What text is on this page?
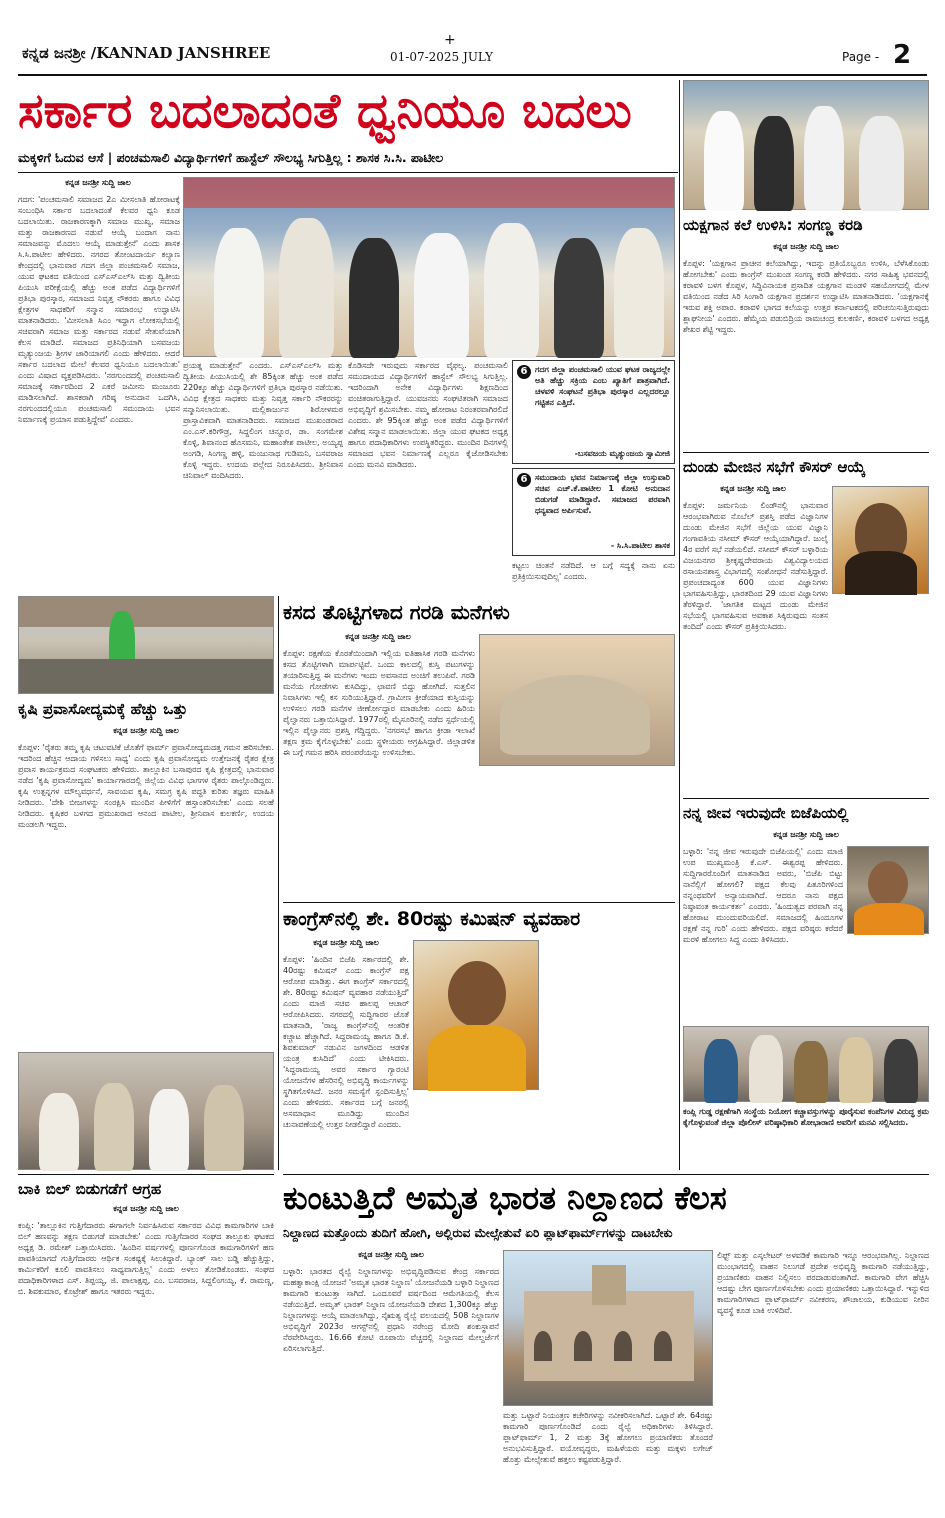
ಕನ್ನಡ ಜನಶ್ರೀ /KANNAD JANSHREE
+
01-07-2025 JULY	Page - 2
ಸರ್ಕಾರ ಬದಲಾದಂತೆ ಧ್ವನಿಯೂ ಬದಲು
ಮಕ್ಕಳಿಗೆ ಓದುವ ಆಸೆ | ಪಂಚಮಸಾಲಿ ವಿದ್ಯಾರ್ಥಿಗಳಿಗೆ ಹಾಸ್ಟೆಲ್ ಸೌಲಭ್ಯ ಸಿಗುತ್ತಿಲ್ಲ : ಶಾಸಕ ಸಿ.ಸಿ. ಪಾಟೀಲ
ಕನ್ನಡ ಜನಶ್ರೀ ಸುದ್ದಿ ಜಾಲ
ಗದಗ: 'ಪಂಚಮಸಾಲಿ ಸಮಾಜದ 2ಎ ಮೀಸಲಾತಿ ಹೋರಾಟಕ್ಕೆ ಸಂಬಂಧಿಸಿ ಸರ್ಕಾರ ಬದಲಾದಂತೆ ಕೆಲವರ ಧ್ವನಿ ಕೂಡ ಬದಲಾಯಿತು. ರಾಜಕಾರಣಕ್ಕಾಗಿ ಸಮಾಜ ಮುಖ್ಯ, ಸಮಾಜ ಮತ್ತು ರಾಜಕಾರಣದ ನಡುವೆ ಆಯ್ಕೆ ಬಂದಾಗ ನಾನು ಸಮಾಜವನ್ನು ಮೊದಲು ಆಯ್ಕೆ ಮಾಡುತ್ತೇನೆ' ಎಂದು ಶಾಸಕ ಸಿ.ಸಿ.ಪಾಟೀಲ ಹೇಳಿದರು. ನಗರದ ತೋಂಟದಾರ್ಯ ಕಲ್ಯಾಣ ಕೇಂದ್ರದಲ್ಲಿ ಭಾನುವಾರ ಗದಗ ಜಿಲ್ಲಾ ಪಂಚಮಸಾಲಿ ಸಮಾಜ, ಯುವ ಘಟಕದ ವತಿಯಿಂದ ಎಸ್ಎಸ್ಎಲ್‌ಸಿ ಮತ್ತು ದ್ವಿತೀಯ ಪಿಯುಸಿ ಪರೀಕ್ಷೆಯಲ್ಲಿ ಹೆಚ್ಚು ಅಂಕ ಪಡೆದ ವಿದ್ಯಾರ್ಥಿಗಳಿಗೆ ಪ್ರತಿಭಾ ಪುರಸ್ಕಾರ, ಸಮಾಜದ ನಿವೃತ್ತ ನೌಕರರು ಹಾಗೂ ವಿವಿಧ ಕ್ಷೇತ್ರಗಳ ಸಾಧಕರಿಗೆ ಸನ್ಮಾನ ಸಮಾರಂಭ ಉದ್ಘಾಟಿಸಿ ಮಾತನಾಡಿದರು. 'ಮೀಸಲಾತಿ ಸಿಎಂ ಇದ್ದಾಗ ಲೋಕಸಭೆಯಲ್ಲಿ ಸಚಿವರಾಗಿ ಸಮಾಜ ಮತ್ತು ಸರ್ಕಾರದ ನಡುವೆ ಸೇತುವೆಯಾಗಿ ಕೆಲಸ ಮಾಡಿದೆ. ಸಮಾಜದ ಪ್ರತಿನಿಧಿಯಾಗಿ ಬಸವಜಯ ಮೃತ್ಯುಂಜಯ ಶ್ರೀಗಳ ಜಾರಿಯಾಗಲಿ ಎಂದು ಹೇಳಿದರು. ಆದರೆ ಸರ್ಕಾರ ಬದಲಾದ ಮೇಲೆ ಕೆಲವರ ಧ್ವನಿಯೂ ಬದಲಾಯಿತು' ಎಂದು ವಿಷಾದ ವ್ಯಕ್ತಪಡಿಸಿದರು. 'ನರಗುಂದದಲ್ಲಿ ಪಂಚಮಸಾಲಿ ಸಮಾಜಕ್ಕೆ ಸರ್ಕಾರದಿಂದ 2 ಎಕರೆ ಜಮೀನು ಮಂಜೂರು ಮಾಡಿಸಲಾಗಿದೆ. ಶಾಸಕರಾಗಿ ಗರಿಷ್ಠ ಅನುದಾನ ಒದಗಿಸಿ, ನರಗುಂದದಲ್ಲಿಯೂ ಪಂಚಮಸಾಲಿ ಸಮುದಾಯ ಭವನ ನಿರ್ಮಾಣಕ್ಕೆ ಪ್ರಯಾಸ ಪಡುತ್ತಿದ್ದೇವೆ' ಎಂದರು.
ಪ್ರಯತ್ನ ಮಾಡುತ್ತೇನೆ' ಎಂದರು. ಎಸ್ಎಸ್ಎಲ್‌ಸಿ ಮತ್ತು ದ್ವಿತೀಯ ಪಿಯುಸಿಯಲ್ಲಿ ಶೇ 85ಕ್ಕಿಂತ ಹೆಚ್ಚು ಅಂಕ ಪಡೆದ 220ಕ್ಕೂ ಹೆಚ್ಚು ವಿದ್ಯಾರ್ಥಿಗಳಿಗೆ ಪ್ರತಿಭಾ ಪುರಸ್ಕಾರ ನಡೆಯಿತು. ವಿವಿಧ ಕ್ಷೇತ್ರದ ಸಾಧಕರು ಮತ್ತು ನಿವೃತ್ತ ಸರ್ಕಾರಿ ನೌಕರರನ್ನು ಸನ್ಮಾನಿಸಲಾಯಿತು. ಮಲ್ಲಿಕಾರ್ಜುನ ಶಿರೋಳಮಠ ಪ್ರಾಸ್ತಾವಿಕವಾಗಿ ಮಾತನಾಡಿದರು. ಸಮಾಜದ ಮುಖಂಡರಾದ ಎಂ.ಎಸ್.ಕರಿಗೌಡ್ರ, ಸಿದ್ದಲಿಂಗ ಚಿನ್ನೂರ, ಡಾ. ಸಂಗಮೇಶ ಕೊಳ್ಳಿ, ಶಿವಾನಂದ ಹೊಸಮನಿ, ಮಹಾಂತೇಶ ಪಾಟೀಲ, ಅಯ್ಯಪ್ಪ ಅಂಗಡಿ, ಸಿಂಗಣ್ಣ ಹಳ್ಳಿ, ಮಂಜುನಾಥ ಗುಡಿಮನಿ, ಬಸವರಾಜ ಕೊಳ್ಳಿ ಇದ್ದರು. ಉದಯ ಪಲ್ಲೇದ ನಿರೂಪಿಸಿದರು. ಶ್ರೀನಿವಾಸ ಚಿನಿವಾಲ್ ವಂದಿಸಿದರು.
ಕೊಡಿಸದೇ ಇರುವುದು ಸರ್ಕಾರದ ವೈಫಲ್ಯ. ಪಂಚಮಸಾಲಿ ಸಮುದಾಯದ ವಿದ್ಯಾರ್ಥಿಗಳಿಗೆ ಹಾಸ್ಟೆಲ್ ಸೌಲಭ್ಯ ಸಿಗುತ್ತಿಲ್ಲ. ಇದರಿಂದಾಗಿ ಅನೇಕ ವಿದ್ಯಾರ್ಥಿಗಳು ಶಿಕ್ಷಣದಿಂದ ವಂಚಿತರಾಗುತ್ತಿದ್ದಾರೆ. ಯುವಜನರು ಸಂಘಟಿತರಾಗಿ ಸಮಾಜದ ಅಭಿವೃದ್ಧಿಗೆ ಶ್ರಮಿಸಬೇಕು. ನಮ್ಮ ಹೋರಾಟ ನಿರಂತರವಾಗಿರಲಿದೆ ಎಂದರು. ಶೇ 95ಕ್ಕಿಂತ ಹೆಚ್ಚು ಅಂಕ ಪಡೆದ ವಿದ್ಯಾರ್ಥಿಗಳಿಗೆ ವಿಶೇಷ ಸನ್ಮಾನ ಮಾಡಲಾಯಿತು. ಜಿಲ್ಲಾ ಯುವ ಘಟಕದ ಅಧ್ಯಕ್ಷ ಹಾಗೂ ಪದಾಧಿಕಾರಿಗಳು ಉಪಸ್ಥಿತರಿದ್ದರು. ಮುಂದಿನ ದಿನಗಳಲ್ಲಿ ಸಮಾಜದ ಭವನ ನಿರ್ಮಾಣಕ್ಕೆ ಎಲ್ಲರೂ ಕೈಜೋಡಿಸಬೇಕು ಎಂದು ಮನವಿ ಮಾಡಿದರು.
6 ಗದಗ ಜಿಲ್ಲಾ ಪಂಚಮಸಾಲಿ ಯುವ ಘಟಕ ರಾಜ್ಯದಲ್ಲೇ ಅತಿ ಹೆಚ್ಚು ಸಕ್ರಿಯ ಎಂಬ ಖ್ಯಾತಿಗೆ ಪಾತ್ರವಾಗಿದೆ. ಚಳವಳಿ ಸಂಘಟನೆ ಪ್ರತಿಭಾ ಪುರಸ್ಕಾರ ಎಲ್ಲದರಲ್ಲೂ ಗಟ್ಟಿತನ ಎತ್ತಿದೆ.
-ಬಸವಜಯ ಮೃತ್ಯುಂಜಯ ಸ್ವಾಮೀಜಿ
6 ಸಮುದಾಯ ಭವನ ನಿರ್ಮಾಣಕ್ಕೆ ಜಿಲ್ಲಾ ಉಸ್ತುವಾರಿ ಸಚಿವ ಎಚ್.ಕೆ.ಪಾಟೀಲ 1 ಕೋಟಿ ಅನುದಾನ ಬಿಡುಗಡೆ ಮಾಡಿದ್ದಾರೆ. ಸಮಾಜದ ಪರವಾಗಿ ಧನ್ಯವಾದ ಅರ್ಪಿಸುವೆ.
- ಸಿ.ಸಿ.ಪಾಟೀಲ ಶಾಸಕ
ಕಟ್ಟಲು ಚಿಂತನೆ ನಡೆದಿದೆ. ಆ ಬಗ್ಗೆ ಸದ್ಯಕ್ಕೆ ನಾನು ಏನು ಪ್ರತಿಕ್ರಿಯಿಸುವುದಿಲ್ಲ' ಎಂದರು.
ಯಕ್ಷಗಾನ ಕಲೆ ಉಳಿಸಿ: ಸಂಗಣ್ಣ ಕರಡಿ
ಕನ್ನಡ ಜನಶ್ರೀ ಸುದ್ದಿ ಜಾಲ
ಕೊಪ್ಪಳ: 'ಯಕ್ಷಗಾನ ಪ್ರಾಚೀನ ಕಲೆಯಾಗಿದ್ದು, ಇದನ್ನು ಪ್ರತಿಯೊಬ್ಬರೂ ಉಳಿಸಿ, ಬೆಳೆಸಿಕೊಂಡು ಹೋಗಬೇಕು' ಎಂದು ಕಾಂಗ್ರೆಸ್ ಮುಖಂಡ ಸಂಗಣ್ಣ ಕರಡಿ ಹೇಳಿದರು. ನಗರ ಸಾಹಿತ್ಯ ಭವನದಲ್ಲಿ ಕರಾವಳಿ ಬಳಗ ಕೊಪ್ಪಳ, ಸಿದ್ದಿವಿನಾಯಕ ಪ್ರಸಾದಿತ ಯಕ್ಷಗಾನ ಮಂಡಳಿ ಸಹಯೋಗದಲ್ಲಿ ಮೇಳ ವತಿಯಿಂದ ನಡೆದ ಸಿರಿ ಸಿಂಗಾರಿ ಯಕ್ಷಗಾನ ಪ್ರದರ್ಶನ ಉದ್ಘಾಟಿಸಿ ಮಾತನಾಡಿದರು. 'ಯಕ್ಷಗಾನಕ್ಕೆ ಇರುವ ಶಕ್ತಿ ಅಪಾರ. ಕರಾವಳಿ ಭಾಗದ ಕಲೆಯನ್ನು ಉತ್ತರ ಕರ್ನಾಟಕದಲ್ಲಿ ಪರಿಚಯಿಸುತ್ತಿರುವುದು ಶ್ಲಾಘನೀಯ' ಎಂದರು. ಹೆಮ್ಮೆಯ ಪಡುಬಿದ್ರಿಯ ರಾಮಚಂದ್ರ ಕುಲಕರ್ಣಿ, ಕರಾವಳಿ ಬಳಗದ ಅಧ್ಯಕ್ಷ ಶೇಖರ ಶೆಟ್ಟಿ ಇದ್ದರು.
ದುಂಡು ಮೇಜಿನ ಸಭೆಗೆ ಕೌಸರ್ ಆಯ್ಕೆ
ಕನ್ನಡ ಜನಶ್ರೀ ಸುದ್ದಿ ಜಾಲ
ಕೊಪ್ಪಳ: ಜರ್ಮನಿಯ ಲಿಂಡೌನಲ್ಲಿ ಭಾನುವಾರ ಆರಂಭವಾಗಿರುವ ನೊಬೆಲ್ ಪ್ರಶಸ್ತಿ ಪಡೆದ ವಿಜ್ಞಾನಿಗಳ ದುಂಡು ಮೇಜಿನ ಸಭೆಗೆ ಜಿಲ್ಲೆಯ ಯುವ ವಿಜ್ಞಾನಿ ಗಂಗಾವತಿಯ ನಸೀಮ್ ಕೌಸರ್ ಆಯ್ಕೆಯಾಗಿದ್ದಾರೆ. ಜುಲೈ 4ರ ವರೆಗೆ ಸಭೆ ನಡೆಯಲಿದೆ. ನಸೀಮ್ ಕೌಸರ್ ಬಳ್ಳಾರಿಯ ವಿಜಯನಗರ ಶ್ರೀಕೃಷ್ಣದೇವರಾಯ ವಿಶ್ವವಿದ್ಯಾಲಯದ ರಸಾಯನಶಾಸ್ತ್ರ ವಿಭಾಗದಲ್ಲಿ ಸಂಶೋಧನೆ ನಡೆಸುತ್ತಿದ್ದಾರೆ. ಪ್ರಪಂಚದಾದ್ಯಂತ 600 ಯುವ ವಿಜ್ಞಾನಿಗಳು ಭಾಗವಹಿಸುತ್ತಿದ್ದು, ಭಾರತದಿಂದ 29 ಯುವ ವಿಜ್ಞಾನಿಗಳು ತೆರಳಿದ್ದಾರೆ. 'ಜಾಗತಿಕ ಮಟ್ಟದ ದುಂಡು ಮೇಜಿನ ಸಭೆಯಲ್ಲಿ ಭಾಗವಹಿಸುವ ಅವಕಾಶ ಸಿಕ್ಕಿರುವುದು ಸಂತಸ ತಂದಿದೆ' ಎಂದು ಕೌಸರ್ ಪ್ರತಿಕ್ರಿಯಿಸಿದರು.
ನನ್ನ ಜೀವ ಇರುವುದೇ ಬಿಜೆಪಿಯಲ್ಲಿ
ಕನ್ನಡ ಜನಶ್ರೀ ಸುದ್ದಿ ಜಾಲ
ಬಳ್ಳಾರಿ: 'ನನ್ನ ಜೀವ ಇರುವುದೇ ಬಿಜೆಪಿಯಲ್ಲಿ' ಎಂದು ಮಾಜಿ ಉಪ ಮುಖ್ಯಮಂತ್ರಿ ಕೆ.ಎಸ್. ಈಶ್ವರಪ್ಪ ಹೇಳಿದರು. ಸುದ್ದಿಗಾರರೊಂದಿಗೆ ಮಾತನಾಡಿದ ಅವರು, 'ಬಿಜೆಪಿ ಬಿಟ್ಟು ನಾನೆಲ್ಲಿಗೆ ಹೋಗಲಿ? ಪಕ್ಷದ ಕೆಲವು ಪಿತೂರಿಗಳಿಂದ ನನ್ನಂಥವರಿಗೆ ಅನ್ಯಾಯವಾಗಿದೆ. ಆದರೂ ನಾನು ಪಕ್ಷದ ನಿಷ್ಠಾವಂತ ಕಾರ್ಯಕರ್ತ' ಎಂದರು. 'ಹಿಂದುತ್ವದ ಪರವಾಗಿ ನನ್ನ ಹೋರಾಟ ಮುಂದುವರಿಯಲಿದೆ. ಸಮಾಜದಲ್ಲಿ ಹಿಂದೂಗಳ ರಕ್ಷಣೆ ನನ್ನ ಗುರಿ' ಎಂದು ಹೇಳಿದರು. ಪಕ್ಷದ ವರಿಷ್ಠರು ಕರೆದರೆ ಮರಳಿ ಹೋಗಲು ಸಿದ್ಧ ಎಂದು ತಿಳಿಸಿದರು.
ಕಂಪ್ಲಿ ಗುಡ್ಡ ರಕ್ಷಣೆಗಾಗಿ ಸಂಸ್ಥೆಯ ನಿಯೋಗ ಕಚ್ಚಾವಸ್ತುಗಳನ್ನು ಪೂರೈಸುವ ಕಂಪೆನಿಗಳ ವಿರುದ್ಧ ಕ್ರಮ ಕೈಗೊಳ್ಳುವಂತೆ ಜಿಲ್ಲಾ ಪೊಲೀಸ್ ವರಿಷ್ಠಾಧಿಕಾರಿ ಶೋಭಾರಾಣಿ ಅವರಿಗೆ ಮನವಿ ಸಲ್ಲಿಸಿದರು.
ಕೃಷಿ ಪ್ರವಾಸೋದ್ಯಮಕ್ಕೆ ಹೆಚ್ಚು ಒತ್ತು
ಕನ್ನಡ ಜನಶ್ರೀ ಸುದ್ದಿ ಜಾಲ
ಕೊಪ್ಪಳ: 'ರೈತರು ತಮ್ಮ ಕೃಷಿ ಚಟುವಟಿಕೆ ಜೊತೆಗೆ ಫಾರ್ಮ್ ಪ್ರವಾಸೋದ್ಯಮದತ್ತ ಗಮನ ಹರಿಸಬೇಕು. ಇದರಿಂದ ಹೆಚ್ಚಿನ ಆದಾಯ ಗಳಿಸಲು ಸಾಧ್ಯ' ಎಂದು ಕೃಷಿ ಪ್ರವಾಸೋದ್ಯಮ ಉತ್ತೇಜನಕ್ಕೆ ರೈತರ ಕ್ಷೇತ್ರ ಪ್ರವಾಸ ಕಾರ್ಯಕ್ರಮದ ಸಂಘಟಕರು ಹೇಳಿದರು. ತಾಲ್ಲೂಕಿನ ಬಸಾಪುರದ ಕೃಷಿ ಕ್ಷೇತ್ರದಲ್ಲಿ ಭಾನುವಾರ ನಡೆದ 'ಕೃಷಿ ಪ್ರವಾಸೋದ್ಯಮ' ಕಾರ್ಯಾಗಾರದಲ್ಲಿ ಜಿಲ್ಲೆಯ ವಿವಿಧ ಭಾಗಗಳ ರೈತರು ಪಾಲ್ಗೊಂಡಿದ್ದರು. ಕೃಷಿ ಉತ್ಪನ್ನಗಳ ಮೌಲ್ಯವರ್ಧನೆ, ಸಾವಯವ ಕೃಷಿ, ಸಮಗ್ರ ಕೃಷಿ ಪದ್ಧತಿ ಕುರಿತು ತಜ್ಞರು ಮಾಹಿತಿ ನೀಡಿದರು. 'ದೇಶಿ ಬೀಜಗಳನ್ನು ಸಂರಕ್ಷಿಸಿ ಮುಂದಿನ ಪೀಳಿಗೆಗೆ ಹಸ್ತಾಂತರಿಸಬೇಕು' ಎಂದು ಸಲಹೆ ನೀಡಿದರು. ಕೃಷಿಕರ ಬಳಗದ ಪ್ರಮುಖರಾದ ಆನಂದ ಪಾಟೀಲ, ಶ್ರೀನಿವಾಸ ಕುಲಕರ್ಣಿ, ಉದಯ ಮಂಡಲಗಿ ಇದ್ದರು.
ಕಸದ ತೊಟ್ಟಿಗಳಾದ ಗರಡಿ ಮನೆಗಳು
ಕನ್ನಡ ಜನಶ್ರೀ ಸುದ್ದಿ ಜಾಲ
ಕೊಪ್ಪಳ: ರಕ್ಷಣೆಯ ಕೊರತೆಯಿಂದಾಗಿ ಇಲ್ಲಿಯ ಐತಿಹಾಸಿಕ ಗರಡಿ ಮನೆಗಳು ಕಸದ ತೊಟ್ಟಿಗಳಾಗಿ ಮಾರ್ಪಟ್ಟಿವೆ. ಒಂದು ಕಾಲದಲ್ಲಿ ಕುಸ್ತಿ ಪಟುಗಳನ್ನು ತಯಾರಿಸುತ್ತಿದ್ದ ಈ ಮನೆಗಳು ಇಂದು ಅವಸಾನದ ಅಂಚಿಗೆ ತಲುಪಿವೆ. ಗರಡಿ ಮನೆಯ ಗೋಡೆಗಳು ಕುಸಿದಿದ್ದು, ಛಾವಣಿ ಬಿದ್ದು ಹೋಗಿದೆ. ಸುತ್ತಲಿನ ನಿವಾಸಿಗಳು ಇಲ್ಲಿ ಕಸ ಸುರಿಯುತ್ತಿದ್ದಾರೆ. ಗ್ರಾಮೀಣ ಕ್ರೀಡೆಯಾದ ಕುಸ್ತಿಯನ್ನು ಉಳಿಸಲು ಗರಡಿ ಮನೆಗಳ ಜೀರ್ಣೋದ್ಧಾರ ಮಾಡಬೇಕು ಎಂದು ಹಿರಿಯ ಪೈಲ್ವಾನರು ಒತ್ತಾಯಿಸಿದ್ದಾರೆ. 1977ರಲ್ಲಿ ಮೈಸೂರಿನಲ್ಲಿ ನಡೆದ ಸ್ಪರ್ಧೆಯಲ್ಲಿ ಇಲ್ಲಿನ ಪೈಲ್ವಾನರು ಪ್ರಶಸ್ತಿ ಗೆದ್ದಿದ್ದರು. 'ನಗರಸಭೆ ಹಾಗೂ ಕ್ರೀಡಾ ಇಲಾಖೆ ತಕ್ಷಣ ಕ್ರಮ ಕೈಗೊಳ್ಳಬೇಕು' ಎಂದು ಸ್ಥಳೀಯರು ಆಗ್ರಹಿಸಿದ್ದಾರೆ. ಜಿಲ್ಲಾಡಳಿತ ಈ ಬಗ್ಗೆ ಗಮನ ಹರಿಸಿ ಪರಂಪರೆಯನ್ನು ಉಳಿಸಬೇಕು.
ಕಾಂಗ್ರೆಸ್‌ನಲ್ಲಿ ಶೇ. 80ರಷ್ಟು ಕಮಿಷನ್ ವ್ಯವಹಾರ
ಕನ್ನಡ ಜನಶ್ರೀ ಸುದ್ದಿ ಜಾಲ
ಕೊಪ್ಪಳ: 'ಹಿಂದಿನ ಬಿಜೆಪಿ ಸರ್ಕಾರದಲ್ಲಿ ಶೇ. 40ರಷ್ಟು ಕಮಿಷನ್ ಎಂದು ಕಾಂಗ್ರೆಸ್ ಪಕ್ಷ ಆರೋಪ ಮಾಡಿತ್ತು. ಈಗ ಕಾಂಗ್ರೆಸ್ ಸರ್ಕಾರದಲ್ಲಿ ಶೇ. 80ರಷ್ಟು ಕಮಿಷನ್ ವ್ಯವಹಾರ ನಡೆಯುತ್ತಿದೆ' ಎಂದು ಮಾಜಿ ಸಚಿವ ಹಾಲಪ್ಪ ಆಚಾರ್ ಆರೋಪಿಸಿದರು. ನಗರದಲ್ಲಿ ಸುದ್ದಿಗಾರರ ಜೊತೆ ಮಾತನಾಡಿ, 'ರಾಜ್ಯ ಕಾಂಗ್ರೆಸ್‌ನಲ್ಲಿ ಆಂತರಿಕ ಕಚ್ಚಾಟ ಹೆಚ್ಚಾಗಿದೆ. ಸಿದ್ದರಾಮಯ್ಯ ಹಾಗೂ ಡಿ.ಕೆ. ಶಿವಕುಮಾರ್ ನಡುವಿನ ಜಗಳದಿಂದ ಆಡಳಿತ ಯಂತ್ರ ಕುಸಿದಿದೆ' ಎಂದು ಟೀಕಿಸಿದರು. 'ಸಿದ್ದರಾಮಯ್ಯ ಅವರ ಸರ್ಕಾರ ಗ್ಯಾರಂಟಿ ಯೋಜನೆಗಳ ಹೆಸರಿನಲ್ಲಿ ಅಭಿವೃದ್ಧಿ ಕಾರ್ಯಗಳನ್ನು ಸ್ಥಗಿತಗೊಳಿಸಿದೆ. ಜನರ ಸಮಸ್ಯೆಗೆ ಸ್ಪಂದಿಸುತ್ತಿಲ್ಲ' ಎಂದು ಹೇಳಿದರು. ಸರ್ಕಾರದ ಬಗ್ಗೆ ಜನರಲ್ಲಿ ಅಸಮಾಧಾನ ಮೂಡಿದ್ದು ಮುಂದಿನ ಚುನಾವಣೆಯಲ್ಲಿ ಉತ್ತರ ನೀಡಲಿದ್ದಾರೆ ಎಂದರು.
ಬಾಕಿ ಬಿಲ್ ಬಿಡುಗಡೆಗೆ ಆಗ್ರಹ
ಕನ್ನಡ ಜನಶ್ರೀ ಸುದ್ದಿ ಜಾಲ
ಕಂಪ್ಲಿ: 'ತಾಲ್ಲೂಕಿನ ಗುತ್ತಿಗೆದಾರರು ಈಗಾಗಲೇ ನಿರ್ವಹಿಸಿರುವ ಸರ್ಕಾರದ ವಿವಿಧ ಕಾಮಗಾರಿಗಳ ಬಾಕಿ ಬಿಲ್ ಹಣವನ್ನು ತಕ್ಷಣ ಬಿಡುಗಡೆ ಮಾಡಬೇಕು' ಎಂದು ಗುತ್ತಿಗೆದಾರರ ಸಂಘದ ತಾಲ್ಲೂಕು ಘಟಕದ ಅಧ್ಯಕ್ಷ ಡಿ. ರಮೇಶ್ ಒತ್ತಾಯಿಸಿದರು. 'ಹಿಂದಿನ ವರ್ಷಗಳಲ್ಲಿ ಪೂರ್ಣಗೊಂಡ ಕಾಮಗಾರಿಗಳಿಗೆ ಹಣ ಪಾವತಿಯಾಗದೆ ಗುತ್ತಿಗೆದಾರರು ಆರ್ಥಿಕ ಸಂಕಷ್ಟಕ್ಕೆ ಸಿಲುಕಿದ್ದಾರೆ. ಬ್ಯಾಂಕ್ ಸಾಲ ಬಡ್ಡಿ ಹೆಚ್ಚುತ್ತಿದ್ದು, ಕಾರ್ಮಿಕರಿಗೆ ಕೂಲಿ ಪಾವತಿಸಲು ಸಾಧ್ಯವಾಗುತ್ತಿಲ್ಲ' ಎಂದು ಅಳಲು ತೋಡಿಕೊಂಡರು. ಸಂಘದ ಪದಾಧಿಕಾರಿಗಳಾದ ಎಸ್. ತಿಪ್ಪಯ್ಯ, ಜಿ. ಪಾಲಾಕ್ಷಪ್ಪ, ಎಂ. ಬಸವರಾಜ, ಸಿದ್ದಲಿಂಗಯ್ಯ, ಕೆ. ರಾಮಣ್ಣ, ಬಿ. ಶಿವಕುಮಾರ, ಕೊಟ್ರೇಶ್ ಹಾಗೂ ಇತರರು ಇದ್ದರು.
ಕುಂಟುತ್ತಿದೆ ಅಮೃತ ಭಾರತ ನಿಲ್ದಾಣದ ಕೆಲಸ
ನಿಲ್ದಾಣದ ಮತ್ತೊಂದು ತುದಿಗೆ ಹೋಗಿ, ಅಲ್ಲಿರುವ ಮೇಲ್ಸೇತುವೆ ಏರಿ ಪ್ಲಾಟ್‌ಫಾರ್ಮ್‌ಗಳನ್ನು ದಾಟಬೇಕು
ಕನ್ನಡ ಜನಶ್ರೀ ಸುದ್ದಿ ಜಾಲ
ಬಳ್ಳಾರಿ: ಭಾರತದ ರೈಲ್ವೆ ನಿಲ್ದಾಣಗಳನ್ನು ಅಭಿವೃದ್ಧಿಪಡಿಸುವ ಕೇಂದ್ರ ಸರ್ಕಾರದ ಮಹತ್ವಾಕಾಂಕ್ಷಿ ಯೋಜನೆ 'ಅಮೃತ ಭಾರತ ನಿಲ್ದಾಣ' ಯೋಜನೆಯಡಿ ಬಳ್ಳಾರಿ ನಿಲ್ದಾಣದ ಕಾಮಗಾರಿ ಕುಂಟುತ್ತಾ ಸಾಗಿದೆ. ಒಂದೂವರೆ ವರ್ಷದಿಂದ ಆಮೆಗತಿಯಲ್ಲಿ ಕೆಲಸ ನಡೆಯುತ್ತಿದೆ. ಅಮೃತ್ ಭಾರತ್ ನಿಲ್ದಾಣ ಯೋಜನೆಯಡಿ ದೇಶದ 1,300ಕ್ಕೂ ಹೆಚ್ಚು ನಿಲ್ದಾಣಗಳನ್ನು ಆಯ್ಕೆ ಮಾಡಲಾಗಿದ್ದು, ನೈಋತ್ಯ ರೈಲ್ವೆ ವಲಯದಲ್ಲಿ 508 ನಿಲ್ದಾಣಗಳ ಅಭಿವೃದ್ಧಿಗೆ 2023ರ ಆಗಸ್ಟ್‌ನಲ್ಲಿ ಪ್ರಧಾನಿ ನರೇಂದ್ರ ಮೋದಿ ಶಂಕುಸ್ಥಾಪನೆ ನೆರವೇರಿಸಿದ್ದರು. 16.66 ಕೋಟಿ ರೂಪಾಯಿ ವೆಚ್ಚದಲ್ಲಿ ನಿಲ್ದಾಣದ ಮೇಲ್ದರ್ಜೆಗೆ ಏರಿಸಲಾಗುತ್ತಿದೆ.
ಮತ್ತು ಒಟ್ಟಾರೆ ನಿಯಂತ್ರಣ ಕಚೇರಿಗಳನ್ನು ನವೀಕರಿಸಲಾಗಿದೆ. ಒಟ್ಟಾರೆ ಶೇ. 64ರಷ್ಟು ಕಾಮಗಾರಿ ಪೂರ್ಣಗೊಂಡಿದೆ ಎಂದು ರೈಲ್ವೆ ಅಧಿಕಾರಿಗಳು ತಿಳಿಸಿದ್ದಾರೆ. ಪ್ಲಾಟ್‌ಫಾರ್ಮ್ 1, 2 ಮತ್ತು 3ಕ್ಕೆ ಹೋಗಲು ಪ್ರಯಾಣಿಕರು ತೊಂದರೆ ಅನುಭವಿಸುತ್ತಿದ್ದಾರೆ. ವಯೋವೃದ್ಧರು, ಮಹಿಳೆಯರು ಮತ್ತು ಮಕ್ಕಳು ಲಗೇಜ್ ಹೊತ್ತು ಮೇಲ್ಸೇತುವೆ ಹತ್ತಲು ಕಷ್ಟಪಡುತ್ತಿದ್ದಾರೆ.
ಲಿಫ್ಟ್ ಮತ್ತು ಎಸ್ಕಲೇಟರ್ ಅಳವಡಿಕೆ ಕಾಮಗಾರಿ ಇನ್ನೂ ಆರಂಭವಾಗಿಲ್ಲ. ನಿಲ್ದಾಣದ ಮುಂಭಾಗದಲ್ಲಿ ವಾಹನ ನಿಲುಗಡೆ ಪ್ರದೇಶ ಅಭಿವೃದ್ಧಿ ಕಾಮಗಾರಿ ನಡೆಯುತ್ತಿದ್ದು, ಪ್ರಯಾಣಿಕರು ವಾಹನ ನಿಲ್ಲಿಸಲು ಪರದಾಡುವಂತಾಗಿದೆ. ಕಾಮಗಾರಿ ವೇಗ ಹೆಚ್ಚಿಸಿ ಆದಷ್ಟು ಬೇಗ ಪೂರ್ಣಗೊಳಿಸಬೇಕು ಎಂದು ಪ್ರಯಾಣಿಕರು ಒತ್ತಾಯಿಸಿದ್ದಾರೆ. ಇನ್ನುಳಿದ ಕಾಮಗಾರಿಗಳಾದ ಪ್ಲಾಟ್‌ಫಾರ್ಮ್ ನವೀಕರಣ, ಶೌಚಾಲಯ, ಕುಡಿಯುವ ನೀರಿನ ವ್ಯವಸ್ಥೆ ಕೂಡ ಬಾಕಿ ಉಳಿದಿವೆ.
